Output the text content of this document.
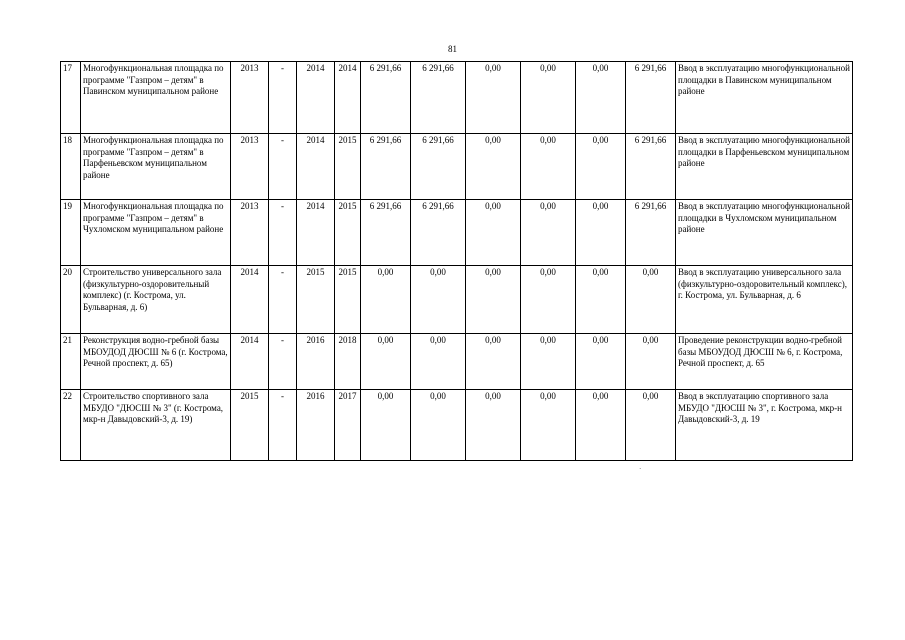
81
17	Многофункциональная площадка по программе "Газпром – детям" в Павинском муниципальном районе	2013	-	2014	2014	6 291,66	6 291,66	0,00	0,00	0,00	6 291,66	Ввод в эксплуатацию многофункциональной площадки в Павинском муниципальном районе
18	Многофункциональная площадка по программе "Газпром – детям" в Парфеньевском муниципальном районе	2013	-	2014	2015	6 291,66	6 291,66	0,00	0,00	0,00	6 291,66	Ввод в эксплуатацию многофункциональной площадки в Парфеньевском муниципальном районе
19	Многофункциональная площадка по программе "Газпром – детям" в Чухломском муниципальном районе	2013	-	2014	2015	6 291,66	6 291,66	0,00	0,00	0,00	6 291,66	Ввод в эксплуатацию многофункциональной площадки в Чухломском муниципальном районе
20	Строительство универсального зала (физкультурно-оздоровительный комплекс) (г. Кострома, ул. Бульварная, д. 6)	2014	-	2015	2015	0,00	0,00	0,00	0,00	0,00	0,00	Ввод в эксплуатацию универсального зала (физкультурно-оздоровительный комплекс), г. Кострома, ул. Бульварная, д. 6
21	Реконструкция водно-гребной базы МБОУДОД ДЮСШ № 6 (г. Кострома, Речной проспект, д. 65)	2014	-	2016	2018	0,00	0,00	0,00	0,00	0,00	0,00	Проведение реконструкции водно-гребной базы МБОУДОД ДЮСШ № 6, г. Кострома, Речной проспект, д. 65
22	Строительство спортивного зала МБУДО "ДЮСШ № 3" (г. Кострома, мкр-н Давыдовский-3, д. 19)	2015	-	2016	2017	0,00	0,00	0,00	0,00	0,00	0,00	Ввод в эксплуатацию спортивного зала МБУДО "ДЮСШ № 3", г. Кострома, мкр-н Давыдовский-3, д. 19
·
